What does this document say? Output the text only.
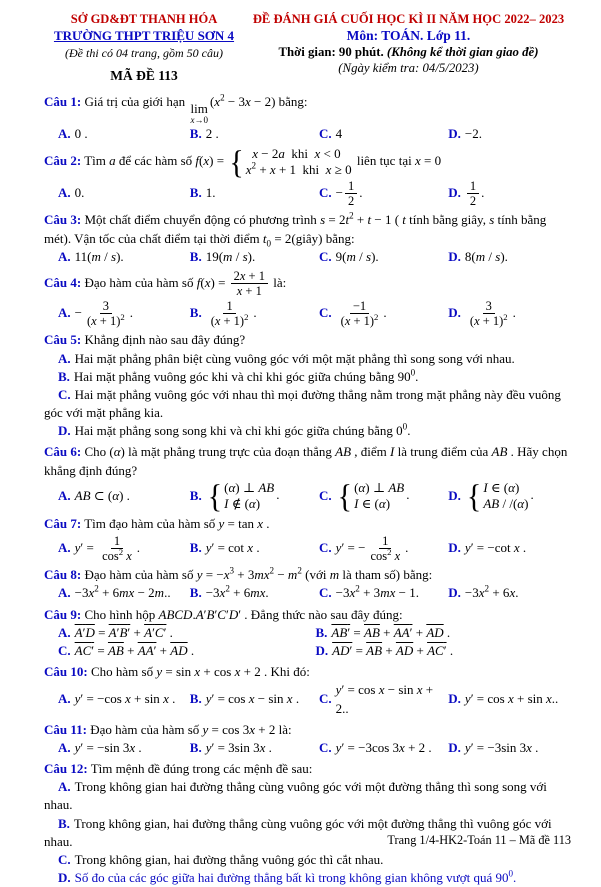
SỞ GD&ĐT THANH HÓA
TRƯỜNG THPT TRIỆU SƠN 4
(Đề thi có 04 trang, gồm 50 câu)
MÃ ĐỀ 113
ĐỀ ĐÁNH GIÁ CUỐI HỌC KÌ II NĂM HỌC 2022– 2023
Môn: TOÁN. Lớp 11.
Thời gian: 90 phút. (Không kể thời gian giao đề)
(Ngày kiểm tra: 04/5/2023)
Câu 1: Giá trị của giới hạn lim
x→0
$(x^2 - 3x - 2)$ bằng:
A. 0 .	B. 2 .	C. 4	D. −2.
Câu 2: Tìm a để các hàm số f(x) = { x − 2a  khi  x < 0
$x^2 + x + 1$  khi  x ≥ 0
liên tục tại x = 0
A. 0.	B. 1.	C. − $\frac{1}{2}$ .	D. $\frac{1}{2}$ .
Câu 3: Một chất điểm chuyển động có phương trình $s = 2t^2 + t - 1$ ( t tính bằng giây, s tính bằng mét). Vận tốc của chất điểm tại thời điểm $t_0$ = 2(giây) bằng:
A. 11(m / s).	B. 19(m / s).	C. 9(m / s).	D. 8(m / s).
Câu 4: Đạo hàm của hàm số $f(x) = \frac{2x + 1}{x + 1}$ là:
A. − $\frac{3}{(x + 1)^2}$ .	B. $\frac{1}{(x + 1)^2}$ .	C. $\frac{-1}{(x + 1)^2}$ .	D. $\frac{3}{(x + 1)^2}$ .
Câu 5: Khẳng định nào sau đây đúng?
A. Hai mặt phẳng phân biệt cùng vuông góc với một mặt phẳng thì song song với nhau.
B. Hai mặt phẳng vuông góc khi và chỉ khi góc giữa chúng bằng $90^0$.
C. Hai mặt phẳng vuông góc với nhau thì mọi đường thẳng nằm trong mặt phẳng này đều vuông góc với mặt phẳng kia.
D. Hai mặt phẳng song song khi và chỉ khi góc giữa chúng bằng $0^0$.
Câu 6: Cho (α) là mặt phẳng trung trực của đoạn thẳng AB , điểm I là trung điểm của AB . Hãy chọn khẳng định đúng?
A. AB ⊂ (α) .	B. { (α) ⊥ AB
I ∉ (α)
.	C. { (α) ⊥ AB
I ∈ (α)
.	D. { I ∈ (α)
AB / /(α)
.
Câu 7: Tìm đạo hàm của hàm số y = tan x .
A. $y' = \frac{1}{\cos^2 x}$ .	B. y′ = cot x .	C. y′ = − $\frac{1}{\cos^2 x}$ .	D. y′ = −cot x .
Câu 8: Đạo hàm của hàm số $y = -x^3 + 3mx^2 - m^2$ (với m là tham số) bằng:
A. $-3x^2 + 6mx - 2m$.. B. $-3x^2 + 6mx$.	C. $-3x^2 + 3mx - 1$. D. $-3x^2 + 6x$.
Câu 9: Cho hình hộp ABCD.A′B′C′D′ . Đẳng thức nào sau đây đúng:
A. A′D = A′B′ + A′C′ .	B. $AB' = \overline{AB} + AA' + \overline{AD}$ .
C. $AC' = \overline{AB} + AA' + \overline{AD}$ .	D. $AD' = \overline{AB} + \overline{AD} + AC'$ .
Câu 10: Cho hàm số y = sin x + cos x + 2 . Khi đó:
A. y′ = −cos x + sin x . B. y′ = cos x − sin x . C.
y′ = cos x − sin x + 2..
D. y′ = cos x + sin x..
Câu 11: Đạo hàm của hàm số y = cos 3x + 2 là:
A. y′ = −sin 3x .	B. y′ = 3sin 3x .	C. y′ = −3cos 3x + 2 . D. y′ = −3sin 3x .
Câu 12: Tìm mệnh đề đúng trong các mệnh đề sau:
A. Trong không gian hai đường thẳng cùng vuông góc với một đường thẳng thì song song với nhau.
B. Trong không gian, hai đường thẳng cùng vuông góc với một đường thẳng thì vuông góc với nhau.
C. Trong không gian, hai đường thẳng vuông góc thì cắt nhau.
D. Số đo của các góc giữa hai đường thẳng bất kì trong không gian không vượt quá $90^0$.
Trang 1/4-HK2-Toán 11 – Mã đề 113
